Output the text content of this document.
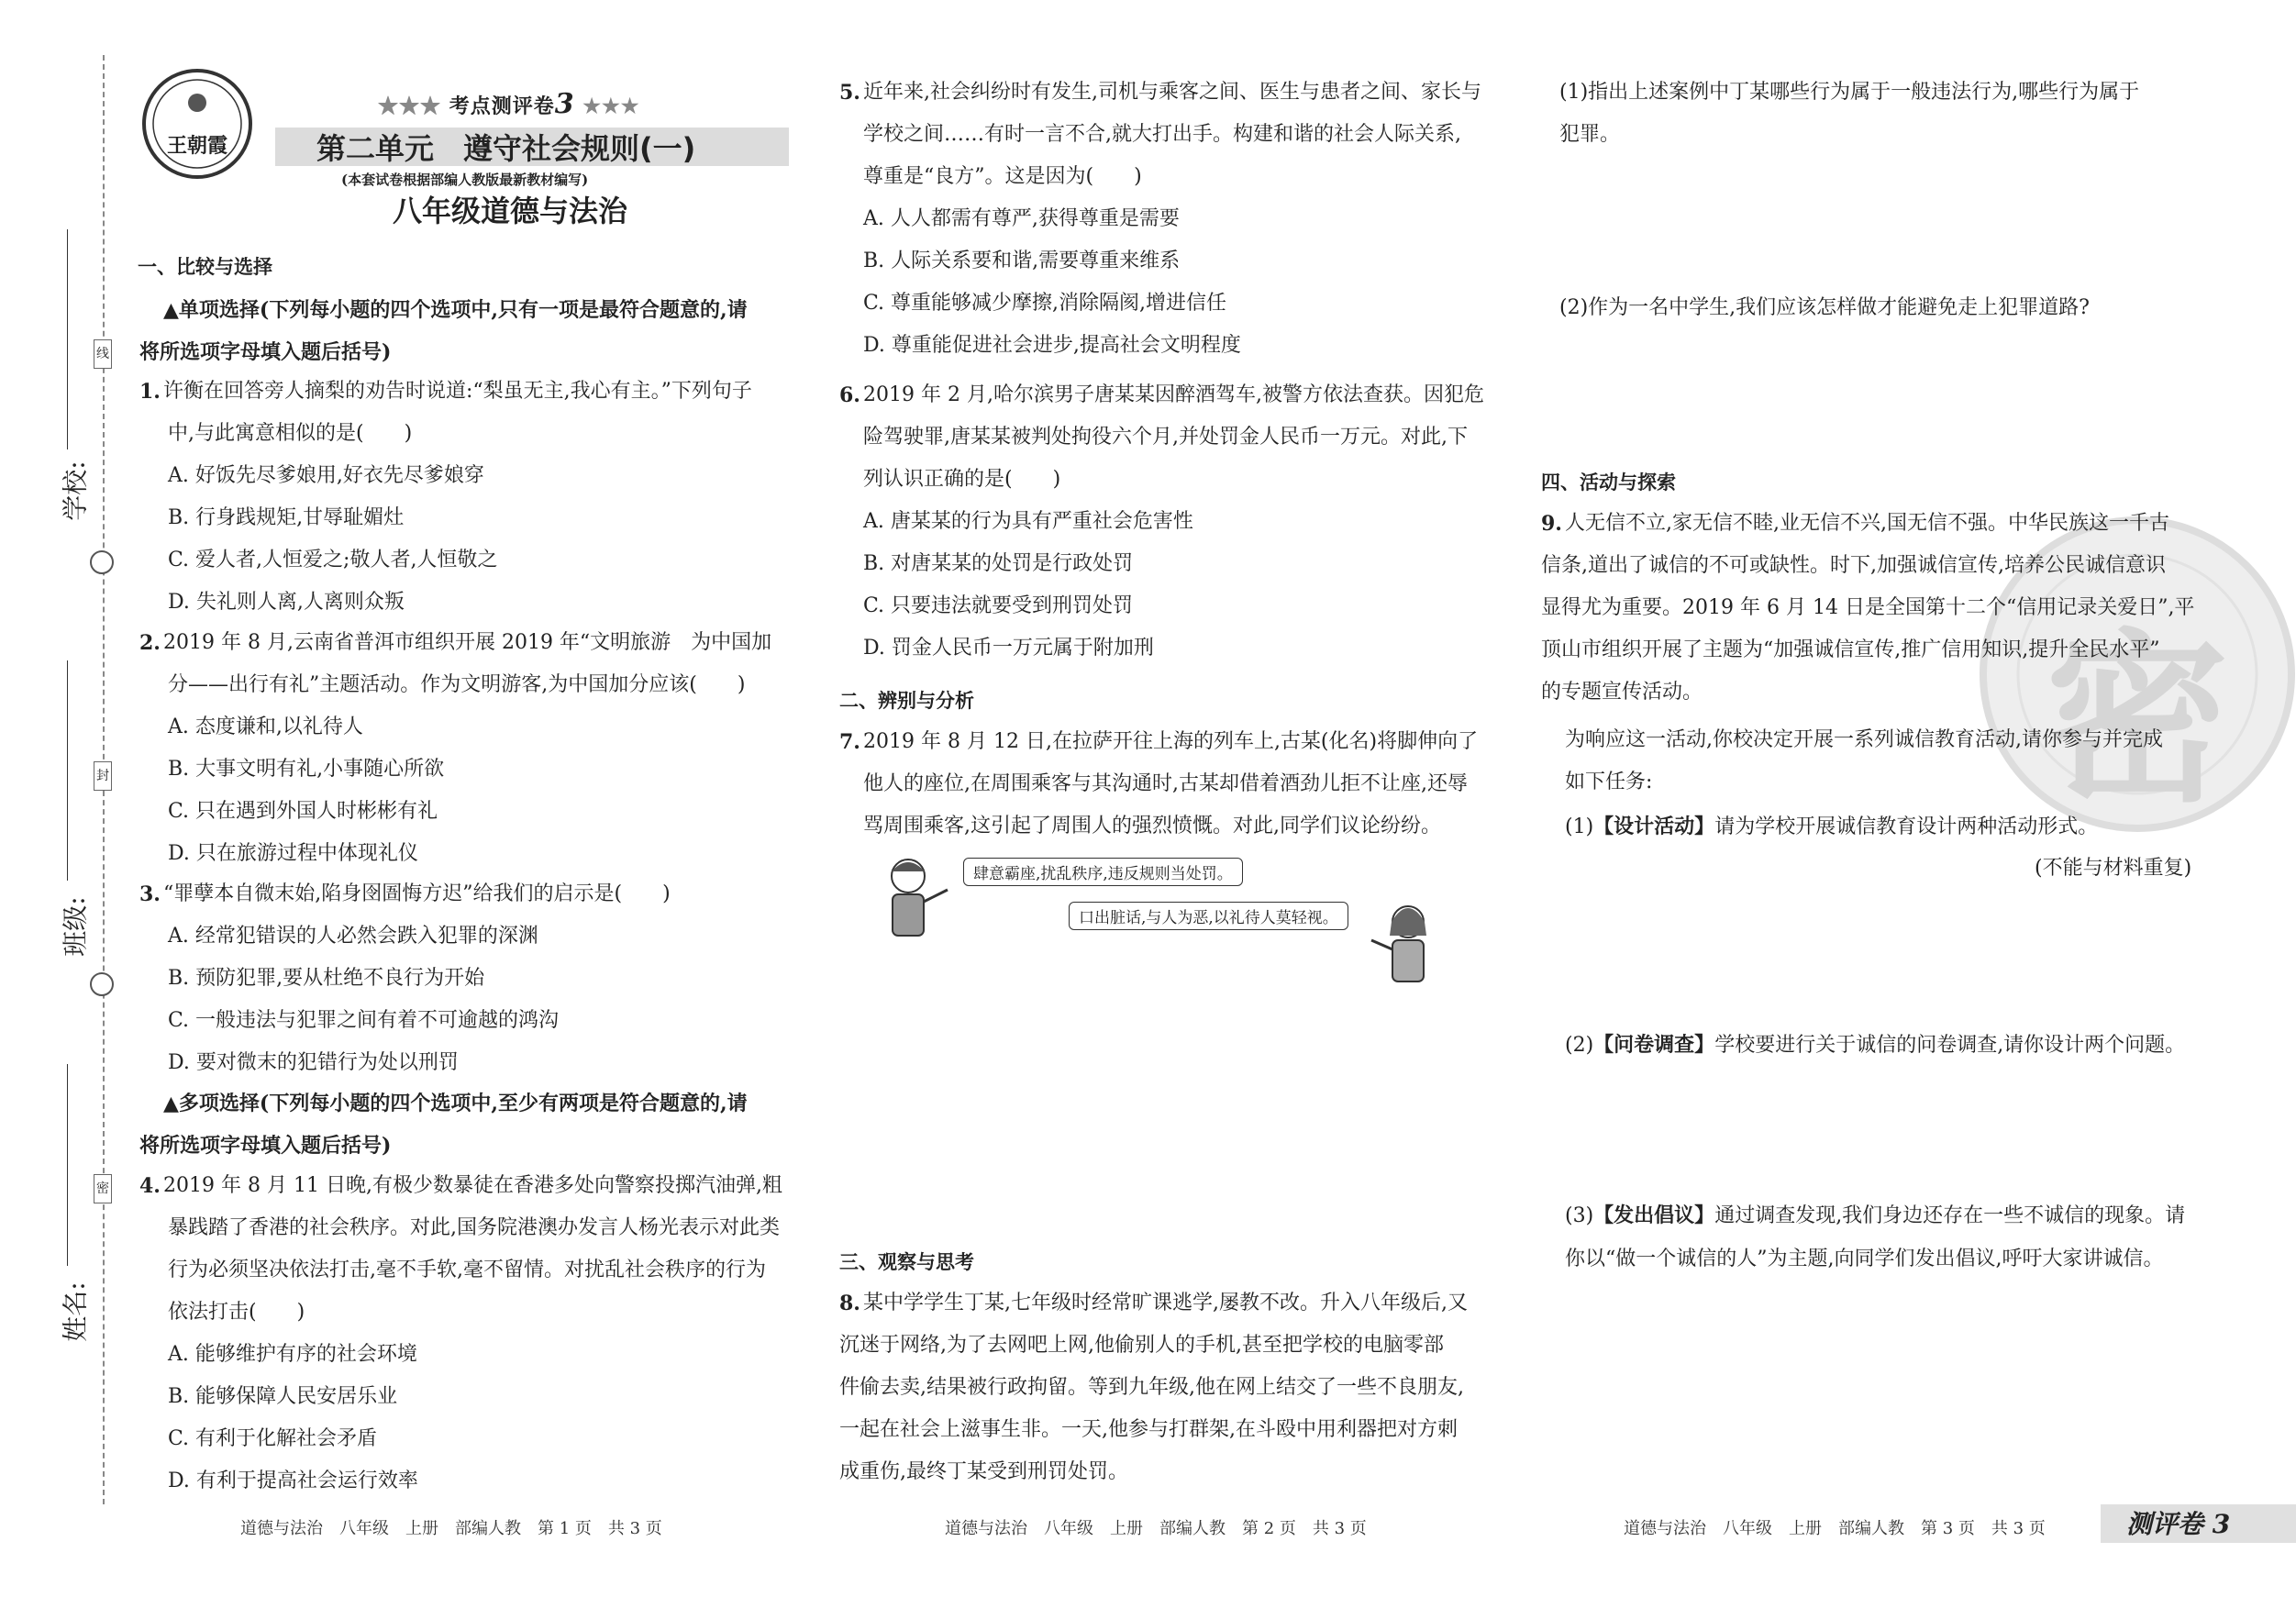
线
封
密
学校:
班级:
姓名:
王朝霞
★★★ 考点测评卷3 ★★★
第二单元　遵守社会规则(一)
(本套试卷根据部编人教版最新教材编写)
八年级道德与法治
一、比较与选择
▲单项选择(下列每小题的四个选项中,只有一项是最符合题意的,请
将所选项字母填入题后括号)
1. 许衡在回答旁人摘梨的劝告时说道:“梨虽无主,我心有主。”下列句子
中,与此寓意相似的是(　　)
A. 好饭先尽爹娘用,好衣先尽爹娘穿
B. 行身践规矩,甘辱耻媚灶
C. 爱人者,人恒爱之;敬人者,人恒敬之
D. 失礼则人离,人离则众叛
2. 2019 年 8 月,云南省普洱市组织开展 2019 年“文明旅游　为中国加
分——出行有礼”主题活动。作为文明游客,为中国加分应该(　　)
A. 态度谦和,以礼待人
B. 大事文明有礼,小事随心所欲
C. 只在遇到外国人时彬彬有礼
D. 只在旅游过程中体现礼仪
3. “罪孽本自微末始,陷身囹圄悔方迟”给我们的启示是(　　)
A. 经常犯错误的人必然会跌入犯罪的深渊
B. 预防犯罪,要从杜绝不良行为开始
C. 一般违法与犯罪之间有着不可逾越的鸿沟
D. 要对微末的犯错行为处以刑罚
▲多项选择(下列每小题的四个选项中,至少有两项是符合题意的,请
将所选项字母填入题后括号)
4. 2019 年 8 月 11 日晚,有极少数暴徒在香港多处向警察投掷汽油弹,粗
暴践踏了香港的社会秩序。对此,国务院港澳办发言人杨光表示对此类
行为必须坚决依法打击,毫不手软,毫不留情。对扰乱社会秩序的行为
依法打击(　　)
A. 能够维护有序的社会环境
B. 能够保障人民安居乐业
C. 有利于化解社会矛盾
D. 有利于提高社会运行效率
道德与法治　八年级　上册　部编人教　第 1 页　共 3 页
5. 近年来,社会纠纷时有发生,司机与乘客之间、医生与患者之间、家长与
学校之间……有时一言不合,就大打出手。构建和谐的社会人际关系,
尊重是“良方”。这是因为(　　)
A. 人人都需有尊严,获得尊重是需要
B. 人际关系要和谐,需要尊重来维系
C. 尊重能够减少摩擦,消除隔阂,增进信任
D. 尊重能促进社会进步,提高社会文明程度
6. 2019 年 2 月,哈尔滨男子唐某某因醉酒驾车,被警方依法查获。因犯危
险驾驶罪,唐某某被判处拘役六个月,并处罚金人民币一万元。对此,下
列认识正确的是(　　)
A. 唐某某的行为具有严重社会危害性
B. 对唐某某的处罚是行政处罚
C. 只要违法就要受到刑罚处罚
D. 罚金人民币一万元属于附加刑
二、辨别与分析
7. 2019 年 8 月 12 日,在拉萨开往上海的列车上,古某(化名)将脚伸向了
他人的座位,在周围乘客与其沟通时,古某却借着酒劲儿拒不让座,还辱
骂周围乘客,这引起了周围人的强烈愤慨。对此,同学们议论纷纷。
肆意霸座,扰乱秩序,违反规则当处罚。
口出脏话,与人为恶,以礼待人莫轻视。
三、观察与思考
8. 某中学学生丁某,七年级时经常旷课逃学,屡教不改。升入八年级后,又
沉迷于网络,为了去网吧上网,他偷别人的手机,甚至把学校的电脑零部
件偷去卖,结果被行政拘留。等到九年级,他在网上结交了一些不良朋友,
一起在社会上滋事生非。一天,他参与打群架,在斗殴中用利器把对方刺
成重伤,最终丁某受到刑罚处罚。
道德与法治　八年级　上册　部编人教　第 2 页　共 3 页
密
(1)指出上述案例中丁某哪些行为属于一般违法行为,哪些行为属于
犯罪。
(2)作为一名中学生,我们应该怎样做才能避免走上犯罪道路?
四、活动与探索
9. 人无信不立,家无信不睦,业无信不兴,国无信不强。中华民族这一千古
信条,道出了诚信的不可或缺性。时下,加强诚信宣传,培养公民诚信意识
显得尤为重要。2019 年 6 月 14 日是全国第十二个“信用记录关爱日”,平
顶山市组织开展了主题为“加强诚信宣传,推广信用知识,提升全民水平”
的专题宣传活动。
为响应这一活动,你校决定开展一系列诚信教育活动,请你参与并完成
如下任务:
(1)【设计活动】请为学校开展诚信教育设计两种活动形式。
(不能与材料重复)
(2)【问卷调查】学校要进行关于诚信的问卷调查,请你设计两个问题。
(3)【发出倡议】通过调查发现,我们身边还存在一些不诚信的现象。请
你以“做一个诚信的人”为主题,向同学们发出倡议,呼吁大家讲诚信。
道德与法治　八年级　上册　部编人教　第 3 页　共 3 页	测评卷 3
